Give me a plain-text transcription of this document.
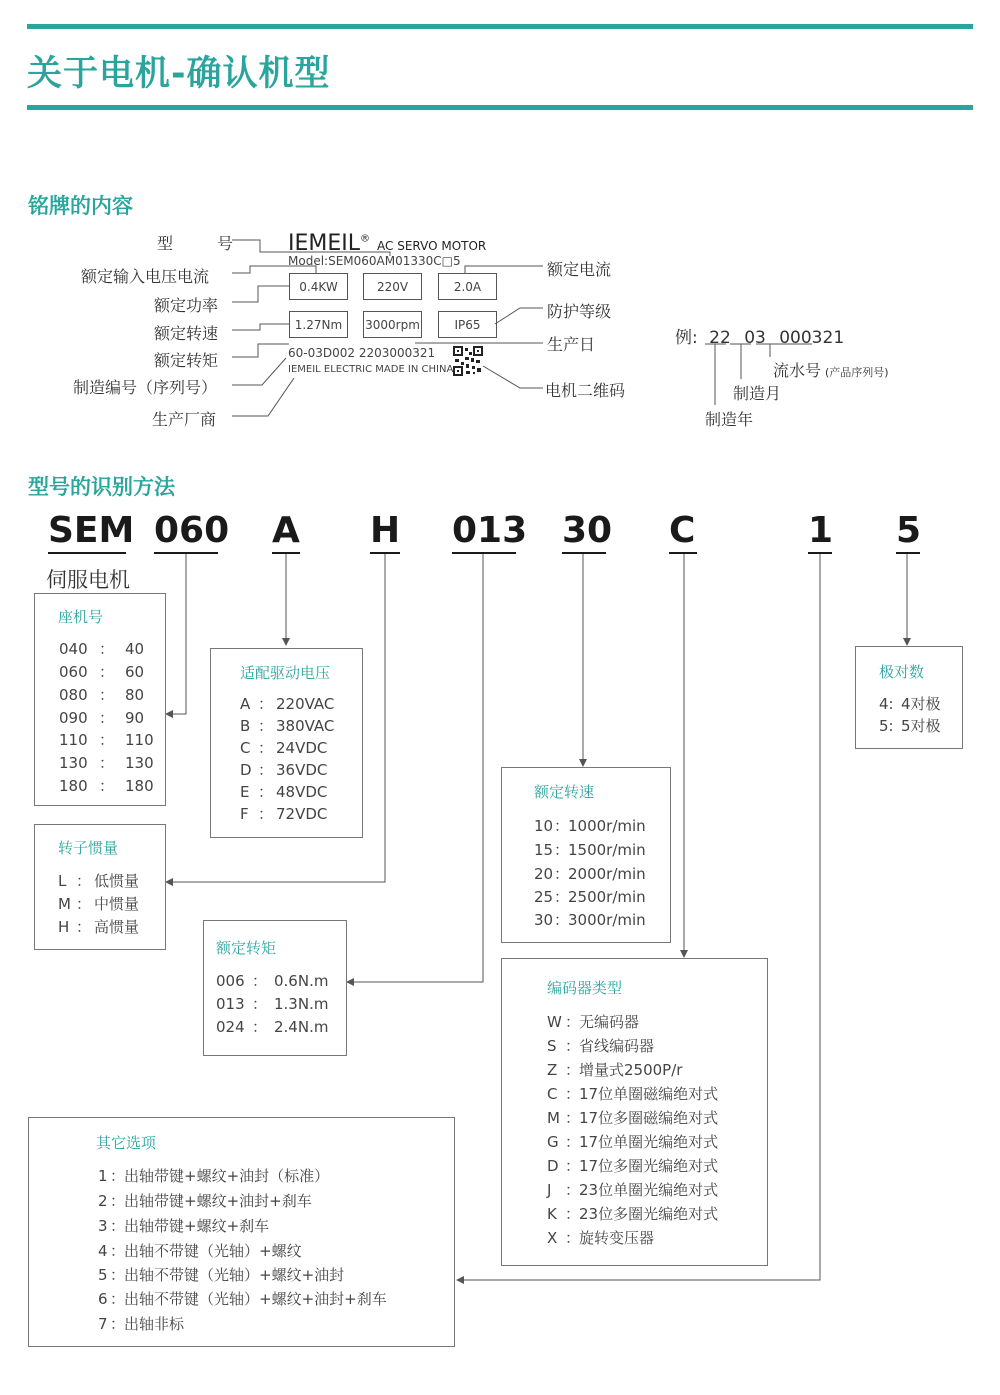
关于电机-确认机型
铭牌的内容
型　号
额定输入电压电流
额定功率
额定转速
额定转矩
制造编号（序列号）
生产厂商
额定电流
防护等级
生产日
电机二维码
IEMEIL® AC SERVO MOTOR
Model:SEM060AM01330C□5
0.4KW	220V	2.0A
1.27Nm	3000rpm	IP65
60-03D002 2203000321
IEMEIL ELECTRIC MADE IN CHINA
例: 22 03 000321
流水号 (产品序列号)
制造月
制造年
型号的识别方法
SEM 060 A H 013 30 C	1 5
伺服电机
座机号
040 ： 40
060 ： 60
080 ： 80
090 ： 90
110 ： 110
130 ： 130
180 ： 180
适配驱动电压
A ： 220VAC
B ： 380VAC
C ： 24VDC
D ： 36VDC
E ： 48VDC
F ： 72VDC
转子惯量
L ： 低惯量
M ： 中惯量
H ： 高惯量
额定转矩
006 ： 0.6N.m
013 ： 1.3N.m
024 ： 2.4N.m
额定转速
10：1000r/min
15：1500r/min
20：2000r/min
25：2500r/min
30：3000r/min
极对数
4: 4对极
5: 5对极
编码器类型
W ：无编码器
S ：省线编码器
Z ：增量式2500P/r
C ：17位单圈磁编绝对式
M ：17位多圈磁编绝对式
G ：17位单圈光编绝对式
D ：17位多圈光编绝对式
J ：23位单圈光编绝对式
K ：23位多圈光编绝对式
X ：旋转变压器
其它选项
1 ：出轴带键+螺纹+油封（标准）
2 ：出轴带键+螺纹+油封+刹车
3 ：出轴带键+螺纹+刹车
4 ：出轴不带键（光轴）+螺纹
5 ：出轴不带键（光轴）+螺纹+油封
6 ：出轴不带键（光轴）+螺纹+油封+刹车
7 ：出轴非标
